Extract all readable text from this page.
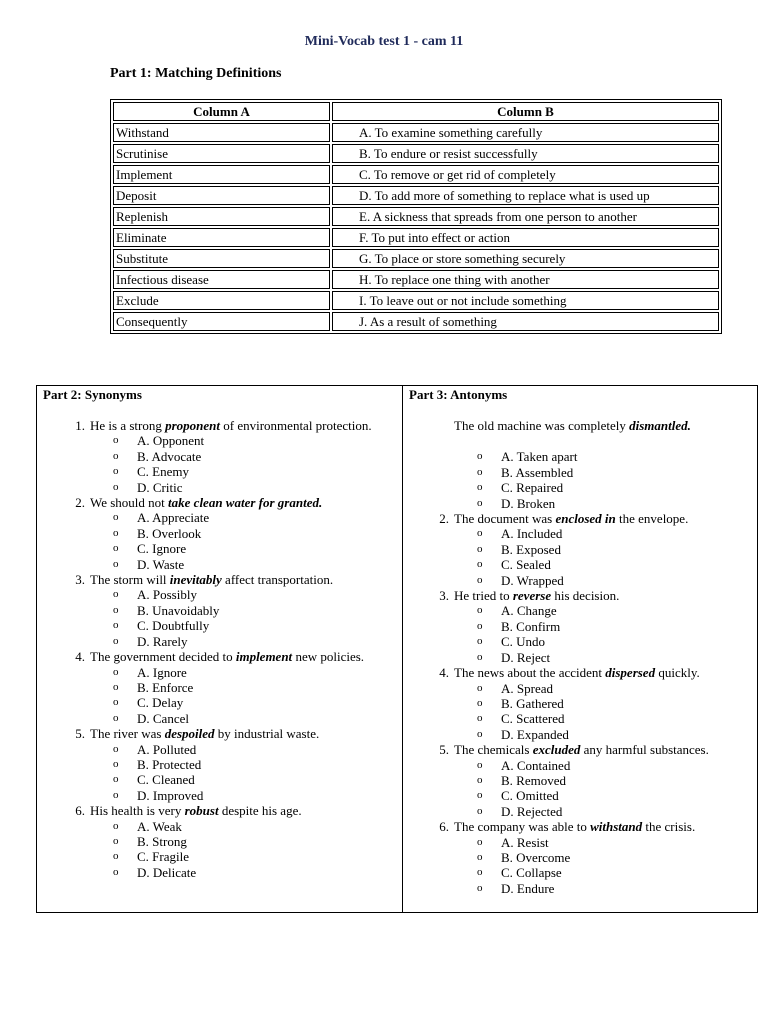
Mini-Vocab test 1 - cam 11
Part 1: Matching Definitions
Column A	Column B
Withstand	A. To examine something carefully
Scrutinise	B. To endure or resist successfully
Implement	C. To remove or get rid of completely
Deposit	D. To add more of something to replace what is used up
Replenish	E. A sickness that spreads from one person to another
Eliminate	F. To put into effect or action
Substitute	G. To place or store something securely
Infectious disease	H. To replace one thing with another
Exclude	I. To leave out or not include something
Consequently	J. As a result of something
Part 2: Synonyms
1. He is a strong proponent of environmental protection.
o A. Opponent
o B. Advocate
o C. Enemy
o D. Critic
2. We should not take clean water for granted.
o A. Appreciate
o B. Overlook
o C. Ignore
o D. Waste
3. The storm will inevitably affect transportation.
o A. Possibly
o B. Unavoidably
o C. Doubtfully
o D. Rarely
4. The government decided to implement new policies.
o A. Ignore
o B. Enforce
o C. Delay
o D. Cancel
5. The river was despoiled by industrial waste.
o A. Polluted
o B. Protected
o C. Cleaned
o D. Improved
6. His health is very robust despite his age.
o A. Weak
o B. Strong
o C. Fragile
o D. Delicate
Part 3: Antonyms
The old machine was completely dismantled.
o A. Taken apart
o B. Assembled
o C. Repaired
o D. Broken
2. The document was enclosed in the envelope.
o A. Included
o B. Exposed
o C. Sealed
o D. Wrapped
3. He tried to reverse his decision.
o A. Change
o B. Confirm
o C. Undo
o D. Reject
4. The news about the accident dispersed quickly.
o A. Spread
o B. Gathered
o C. Scattered
o D. Expanded
5. The chemicals excluded any harmful substances.
o A. Contained
o B. Removed
o C. Omitted
o D. Rejected
6. The company was able to withstand the crisis.
o A. Resist
o B. Overcome
o C. Collapse
o D. Endure
